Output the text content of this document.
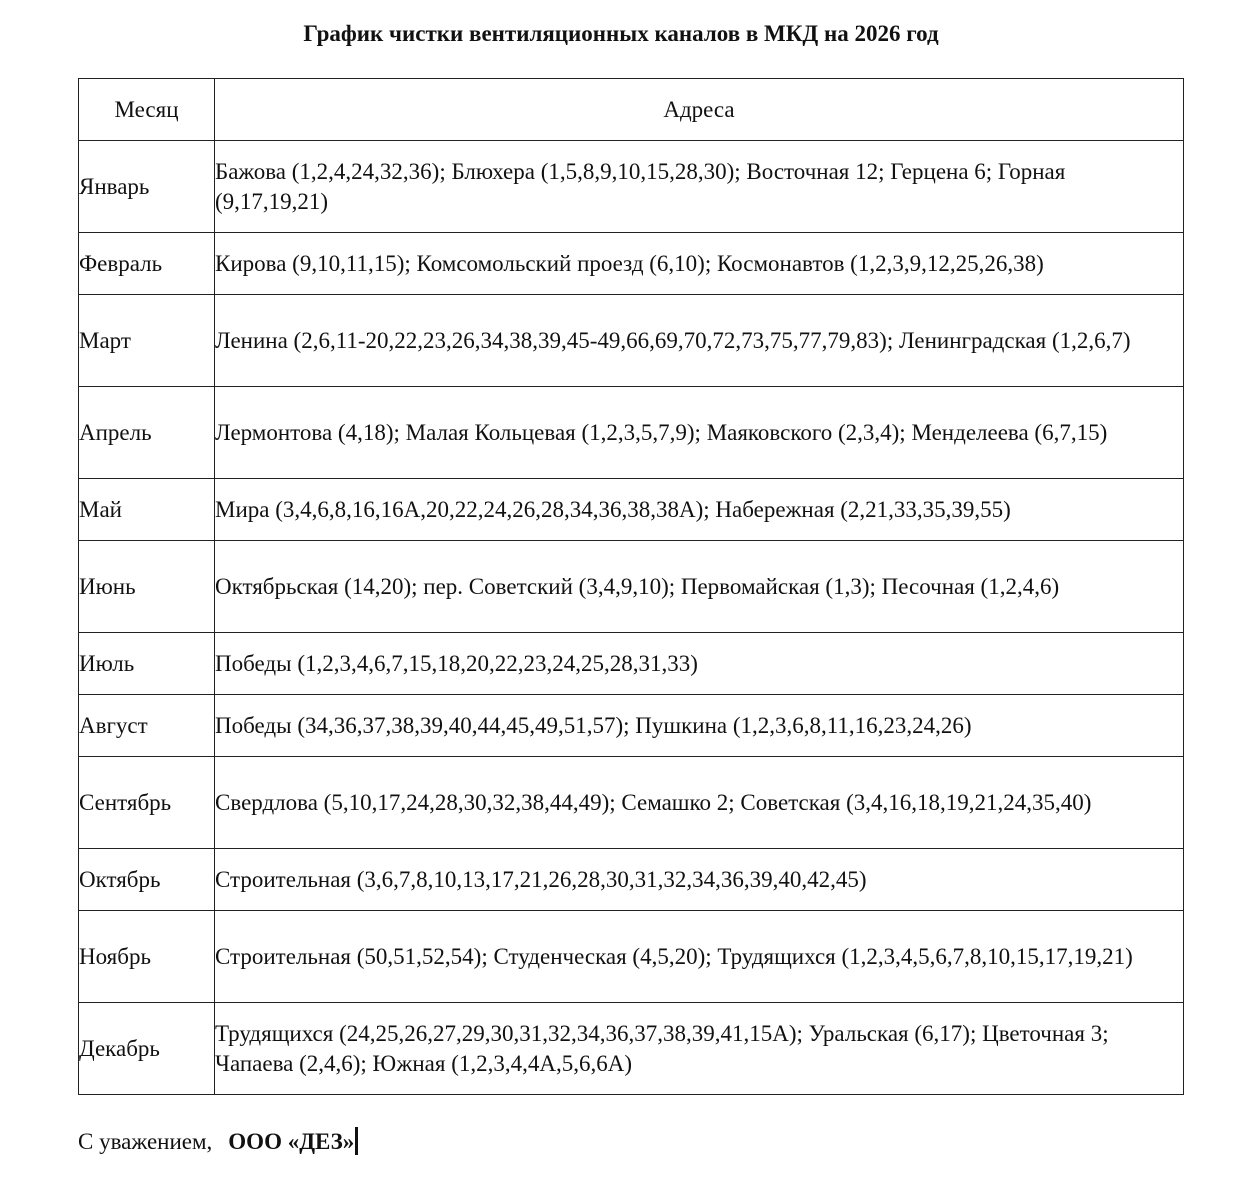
График чистки вентиляционных каналов в МКД на 2026 год
Месяц	Адреса
Январь	Бажова (1,2,4,24,32,36); Блюхера (1,5,8,9,10,15,28,30); Восточная 12; Герцена 6; Горная (9,17,19,21)
Февраль	Кирова (9,10,11,15); Комсомольский проезд (6,10); Космонавтов (1,2,3,9,12,25,26,38)
Март	Ленина (2,6,11-20,22,23,26,34,38,39,45-49,66,69,70,72,73,75,77,79,83); Ленинградская (1,2,6,7)
Апрель	Лермонтова (4,18); Малая Кольцевая (1,2,3,5,7,9); Маяковского (2,3,4); Менделеева (6,7,15)
Май	Мира (3,4,6,8,16,16А,20,22,24,26,28,34,36,38,38А); Набережная (2,21,33,35,39,55)
Июнь	Октябрьская (14,20); пер. Советский (3,4,9,10); Первомайская (1,3); Песочная (1,2,4,6)
Июль	Победы (1,2,3,4,6,7,15,18,20,22,23,24,25,28,31,33)
Август	Победы (34,36,37,38,39,40,44,45,49,51,57); Пушкина (1,2,3,6,8,11,16,23,24,26)
Сентябрь	Свердлова (5,10,17,24,28,30,32,38,44,49); Семашко 2; Советская (3,4,16,18,19,21,24,35,40)
Октябрь	Строительная (3,6,7,8,10,13,17,21,26,28,30,31,32,34,36,39,40,42,45)
Ноябрь	Строительная (50,51,52,54); Студенческая (4,5,20); Трудящихся (1,2,3,4,5,6,7,8,10,15,17,19,21)
Декабрь	Трудящихся (24,25,26,27,29,30,31,32,34,36,37,38,39,41,15А); Уральская (6,17); Цветочная 3; Чапаева (2,4,6); Южная (1,2,3,4,4А,5,6,6А)
С уважением, ООО «ДЕЗ»
